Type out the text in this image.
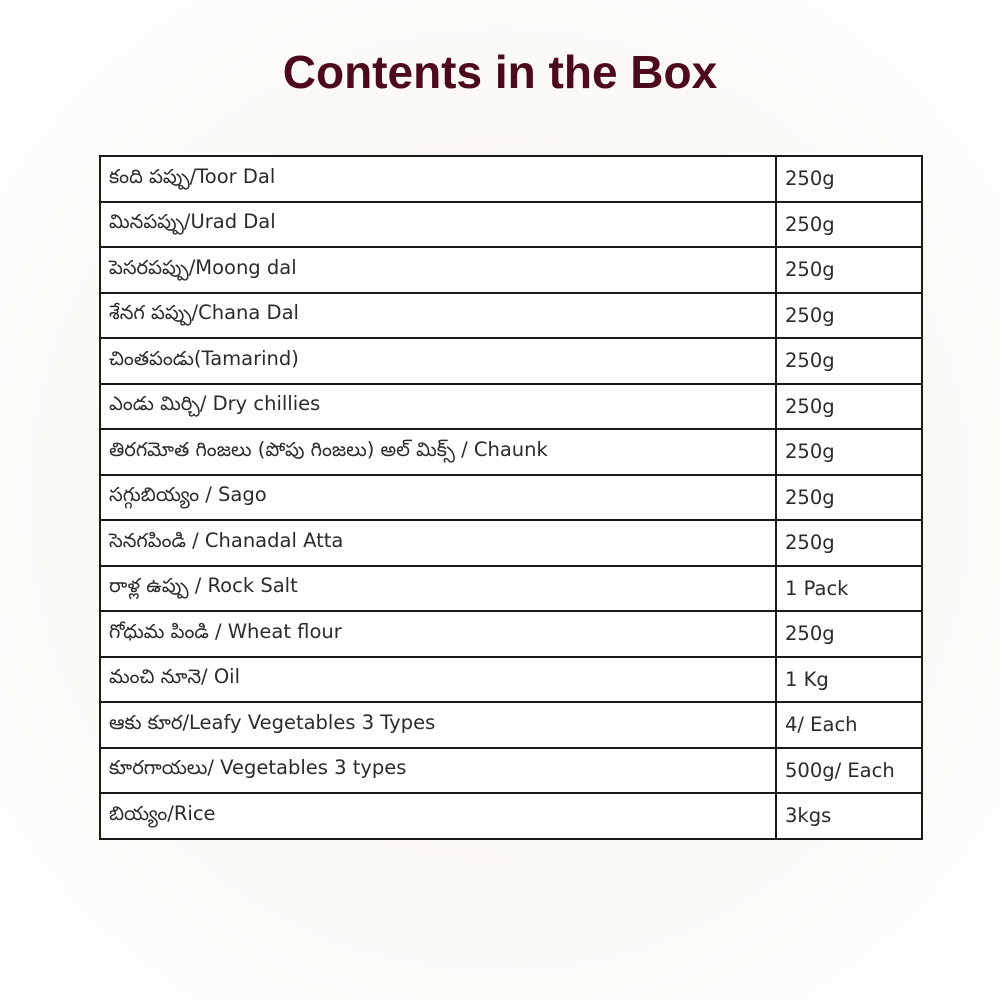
Contents in the Box
కంది పప్పు/Toor Dal	250g
మినపప్పు/Urad Dal	250g
పెసరపప్పు/Moong dal	250g
శేనగ పప్పు/Chana Dal	250g
చింతపండు(Tamarind)	250g
ఎండు మిర్చి/ Dry chillies	250g
తిరగమోత గింజలు (పోపు గింజలు) అల్ మిక్స్ / Chaunk	250g
సగ్గుబియ్యం / Sago	250g
సెనగపిండి / Chanadal Atta	250g
రాళ్ల ఉప్పు / Rock Salt	1 Pack
గోధుమ పిండి / Wheat flour	250g
మంచి నూనె/ Oil	1 Kg
ఆకు కూర/Leafy Vegetables 3 Types	4/ Each
కూరగాయలు/ Vegetables 3 types	500g/ Each
బియ్యం/Rice	3kgs
